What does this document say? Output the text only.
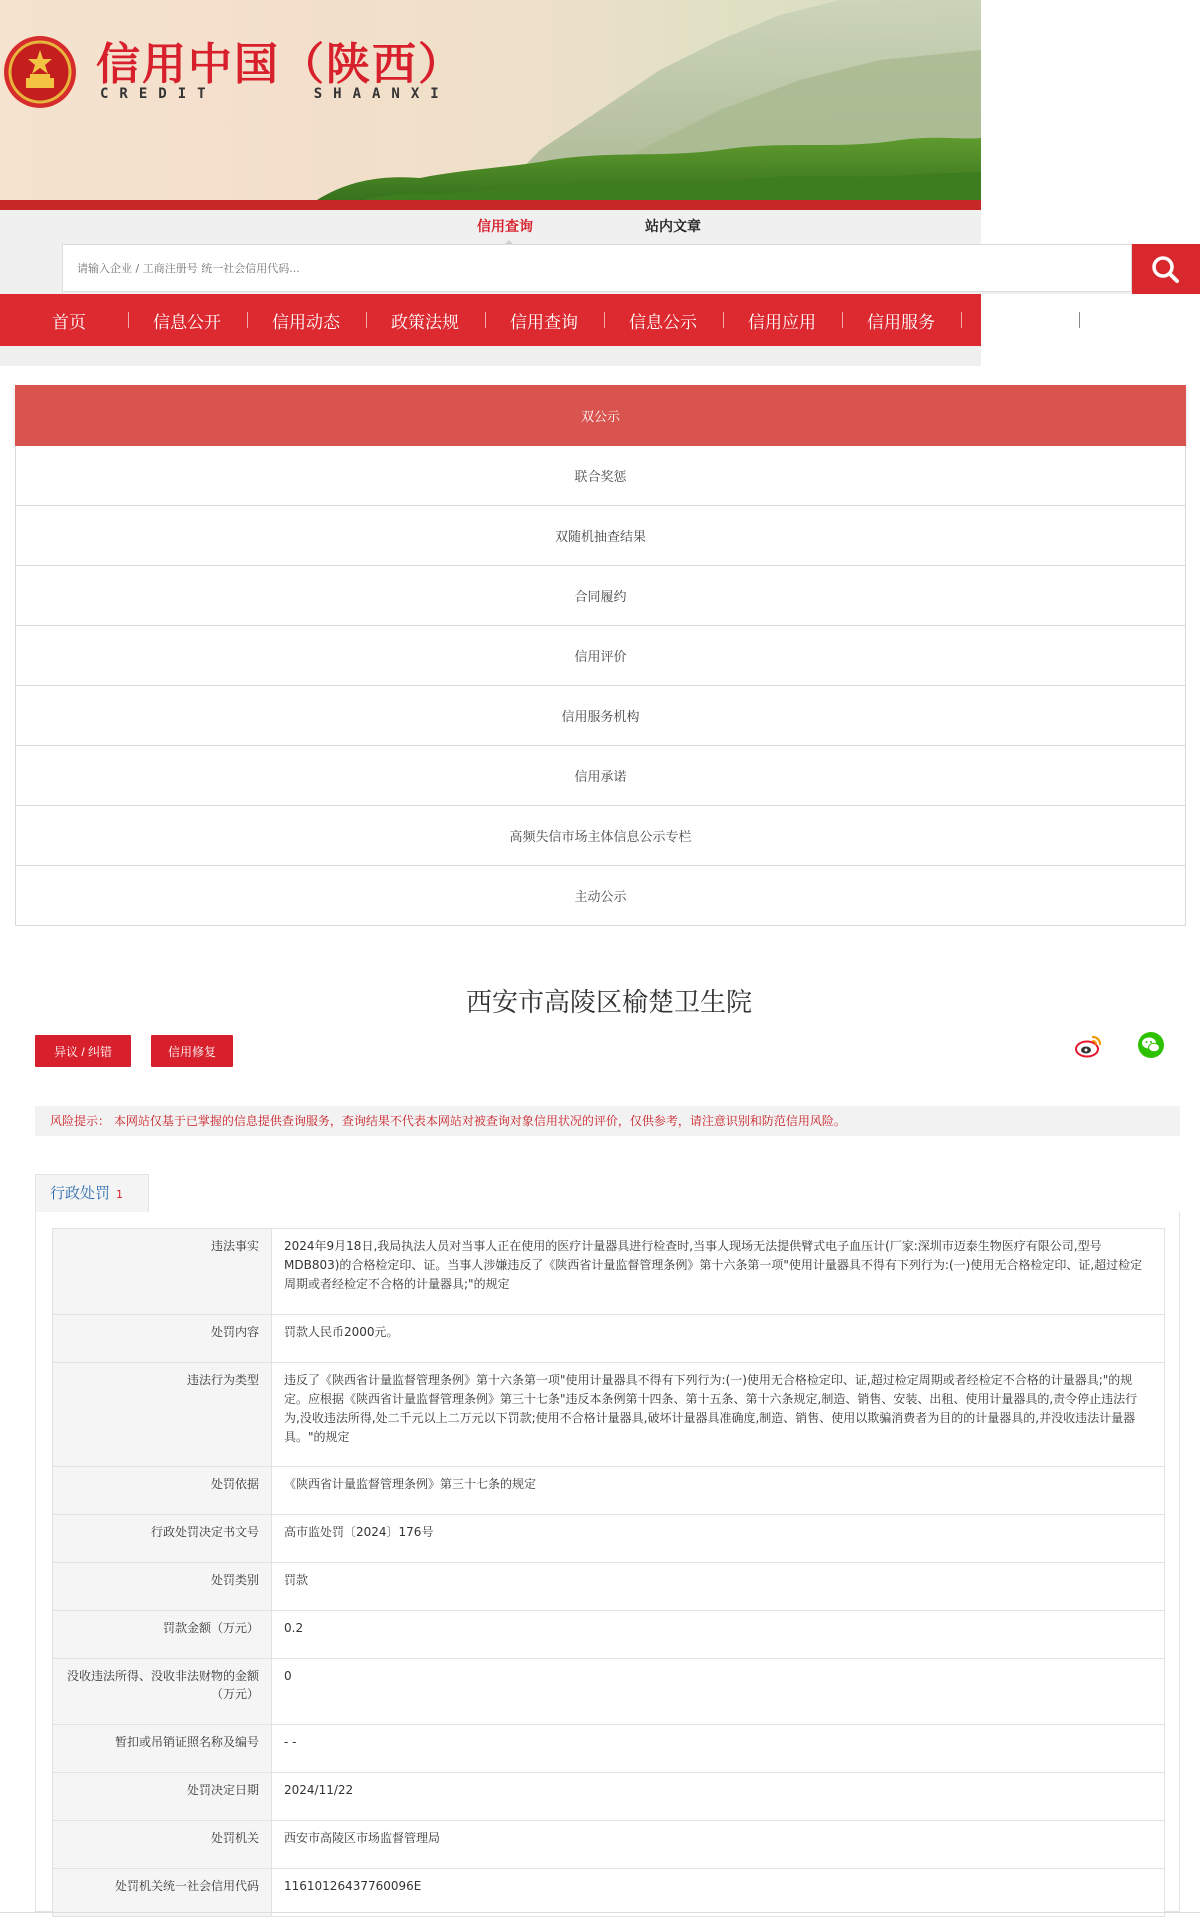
信用中国（陕西）
CREDIT     SHAANXI
信用查询	站内文章
请输入企业 / 工商注册号 统一社会信用代码...
首页	信息公开	信用动态	政策法规	信用查询	信息公示	信用应用	信用服务
双公示
联合奖惩
双随机抽查结果
合同履约
信用评价
信用服务机构
信用承诺
高频失信市场主体信息公示专栏
主动公示
西安市高陵区榆楚卫生院
异议 / 纠错	信用修复
风险提示： 本网站仅基于已掌握的信息提供查询服务，查询结果不代表本网站对被查询对象信用状况的评价，仅供参考，请注意识别和防范信用风险。
行政处罚 1
违法事实	2024年9月18日,我局执法人员对当事人正在使用的医疗计量器具进行检查时,当事人现场无法提供臂式电子血压计(厂家:深圳市迈泰生物医疗有限公司,型号MDB803)的合格检定印、证。当事人涉嫌违反了《陕西省计量监督管理条例》第十六条第一项"使用计量器具不得有下列行为:(一)使用无合格检定印、证,超过检定周期或者经检定不合格的计量器具;"的规定
处罚内容	罚款人民币2000元。
违法行为类型	违反了《陕西省计量监督管理条例》第十六条第一项"使用计量器具不得有下列行为:(一)使用无合格检定印、证,超过检定周期或者经检定不合格的计量器具;"的规定。应根据《陕西省计量监督管理条例》第三十七条"违反本条例第十四条、第十五条、第十六条规定,制造、销售、安装、出租、使用计量器具的,责令停止违法行为,没收违法所得,处二千元以上二万元以下罚款;使用不合格计量器具,破坏计量器具准确度,制造、销售、使用以欺骗消费者为目的的计量器具的,并没收违法计量器具。"的规定
处罚依据	《陕西省计量监督管理条例》第三十七条的规定
行政处罚决定书文号	高市监处罚〔2024〕176号
处罚类别	罚款
罚款金额（万元）	0.2
没收违法所得、没收非法财物的金额（万元）	0
暂扣或吊销证照名称及编号	- -
处罚决定日期	2024/11/22
处罚机关	西安市高陵区市场监督管理局
处罚机关统一社会信用代码	11610126437760096E
